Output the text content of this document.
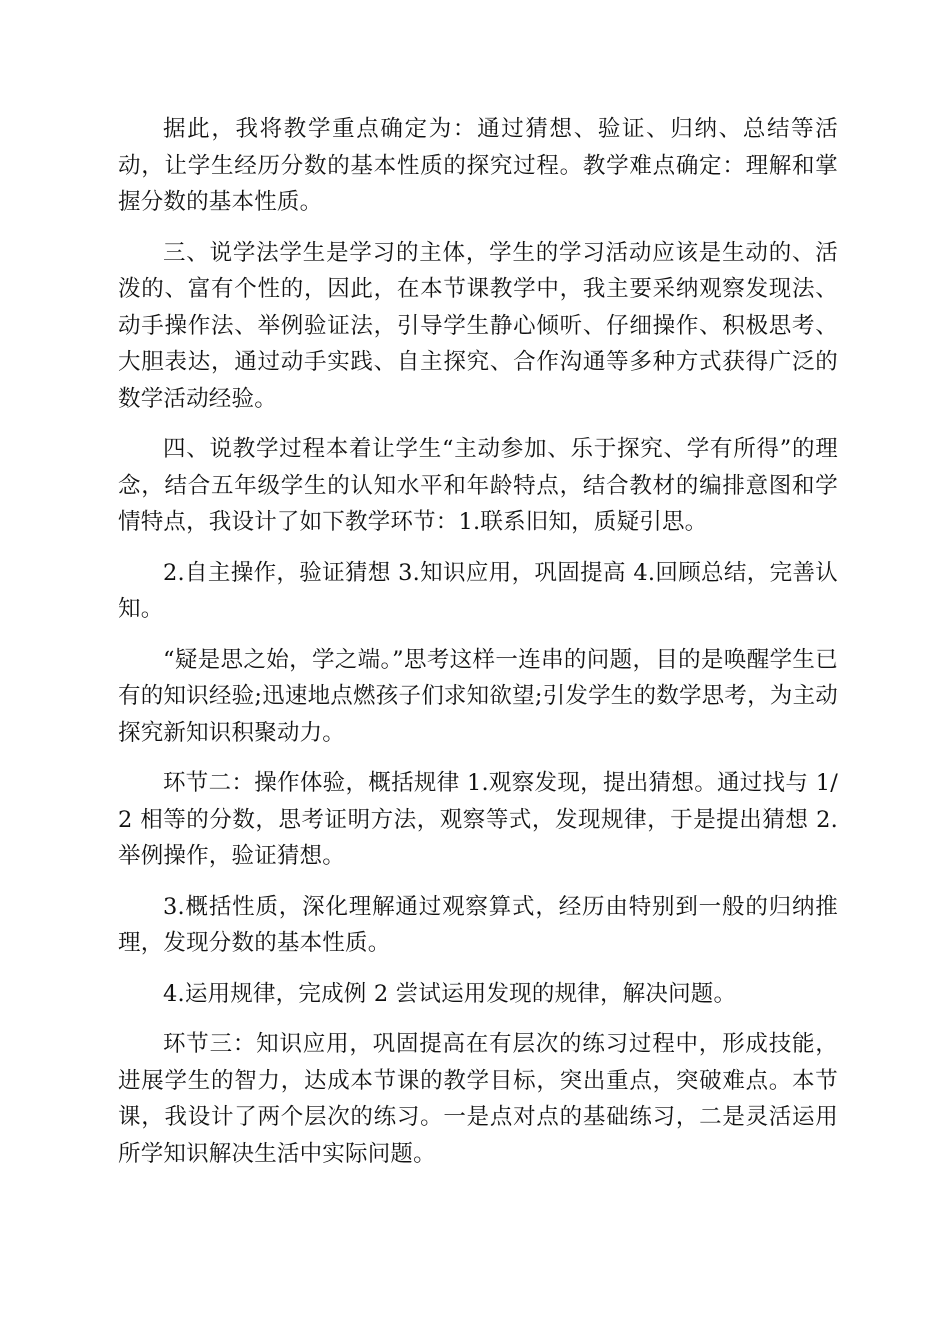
据此，我将教学重点确定为：通过猜想、验证、归纳、总结等活动，让学生经历分数的基本性质的探究过程。教学难点确定：理解和掌握分数的基本性质。

三、说学法学生是学习的主体，学生的学习活动应该是生动的、活泼的、富有个性的，因此，在本节课教学中，我主要采纳观察发现法、动手操作法、举例验证法，引导学生静心倾听、仔细操作、积极思考、大胆表达，通过动手实践、自主探究、合作沟通等多种方式获得广泛的数学活动经验。

四、说教学过程本着让学生“主动参加、乐于探究、学有所得”的理念，结合五年级学生的认知水平和年龄特点，结合教材的编排意图和学情特点，我设计了如下教学环节：1.联系旧知，质疑引思。

2.自主操作，验证猜想 3.知识应用，巩固提高 4.回顾总结，完善认知。

“疑是思之始，学之端。”思考这样一连串的问题，目的是唤醒学生已有的知识经验;迅速地点燃孩子们求知欲望;引发学生的数学思考，为主动探究新知识积聚动力。

环节二：操作体验，概括规律 1.观察发现，提出猜想。通过找与 1/2 相等的分数，思考证明方法，观察等式，发现规律，于是提出猜想 2.举例操作，验证猜想。

3.概括性质，深化理解通过观察算式，经历由特别到一般的归纳推理，发现分数的基本性质。

4.运用规律，完成例 2 尝试运用发现的规律，解决问题。

环节三：知识应用，巩固提高在有层次的练习过程中，形成技能，进展学生的智力，达成本节课的教学目标，突出重点，突破难点。本节课，我设计了两个层次的练习。一是点对点的基础练习，二是灵活运用所学知识解决生活中实际问题。
